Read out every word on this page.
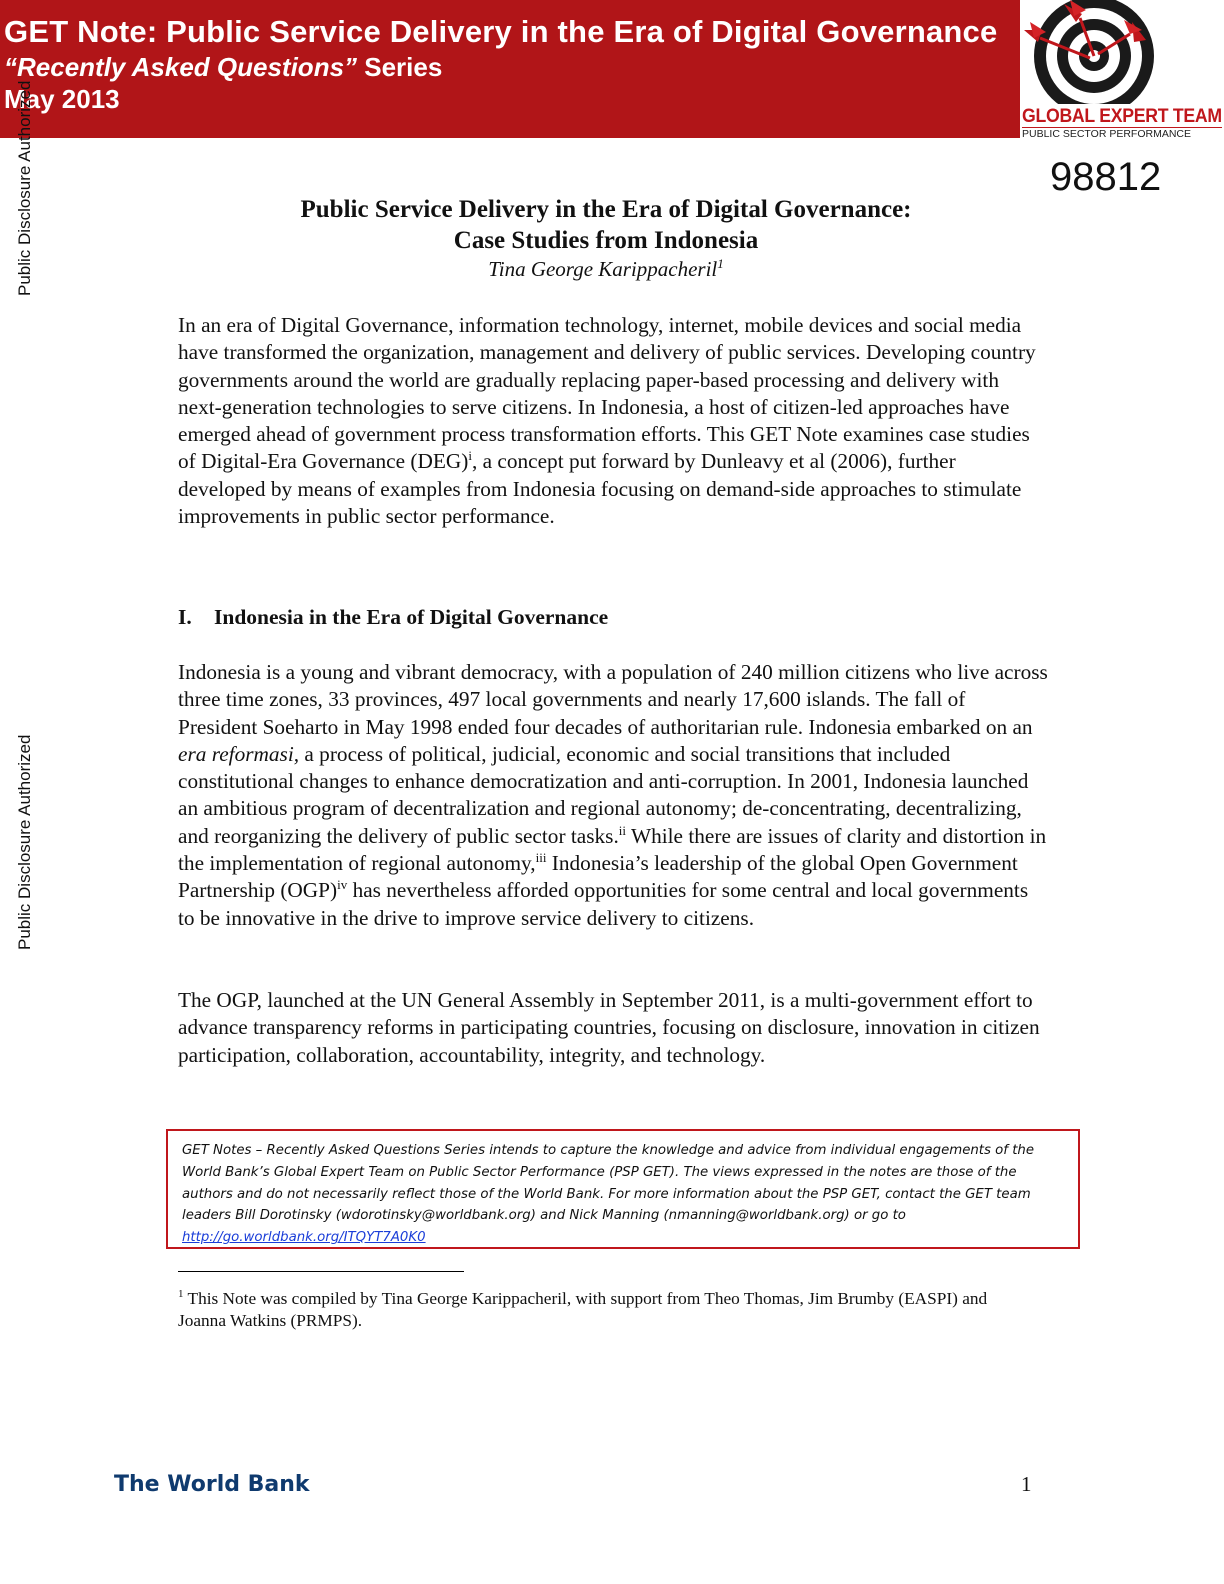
GET Note: Public Service Delivery in the Era of Digital Governance

“Recently Asked Questions” Series

May 2013

GLOBAL EXPERT TEAM
PUBLIC SECTOR PERFORMANCE
98812
Public Disclosure Authorized
Public Disclosure Authorized
Public Service Delivery in the Era of Digital Governance:
Case Studies from Indonesia

Tina George Karippacheril$^1$

In an era of Digital Governance, information technology, internet, mobile devices and social media have transformed the organization, management and delivery of public services. Developing country governments around the world are gradually replacing paper-based processing and delivery with next-generation technologies to serve citizens. In Indonesia, a host of citizen-led approaches have emerged ahead of government process transformation efforts. This GET Note examines case studies of Digital-Era Governance (DEG)$^i$, a concept put forward by Dunleavy et al (2006), further developed by means of examples from Indonesia focusing on demand-side approaches to stimulate improvements in public sector performance.

I. Indonesia in the Era of Digital Governance

Indonesia is a young and vibrant democracy, with a population of 240 million citizens who live across three time zones, 33 provinces, 497 local governments and nearly 17,600 islands. The fall of President Soeharto in May 1998 ended four decades of authoritarian rule. Indonesia embarked on an era reformasi, a process of political, judicial, economic and social transitions that included constitutional changes to enhance democratization and anti-corruption. In 2001, Indonesia launched an ambitious program of decentralization and regional autonomy; de-concentrating, decentralizing, and reorganizing the delivery of public sector tasks.$^{ii}$ While there are issues of clarity and distortion in the implementation of regional autonomy,$^{iii}$ Indonesia’s leadership of the global Open Government Partnership (OGP)$^{iv}$ has nevertheless afforded opportunities for some central and local governments to be innovative in the drive to improve service delivery to citizens.

The OGP, launched at the UN General Assembly in September 2011, is a multi-government effort to advance transparency reforms in participating countries, focusing on disclosure, innovation in citizen participation, collaboration, accountability, integrity, and technology.

GET Notes – Recently Asked Questions Series intends to capture the knowledge and advice from individual engagements of the World Bank’s Global Expert Team on Public Sector Performance (PSP GET). The views expressed in the notes are those of the authors and do not necessarily reflect those of the World Bank. For more information about the PSP GET, contact the GET team leaders Bill Dorotinsky (wdorotinsky@worldbank.org) and Nick Manning (nmanning@worldbank.org) or go to http://go.worldbank.org/ITQYT7A0K0

$^1$ This Note was compiled by Tina George Karippacheril, with support from Theo Thomas, Jim Brumby (EASPI) and Joanna Watkins (PRMPS).

The World Bank	1
